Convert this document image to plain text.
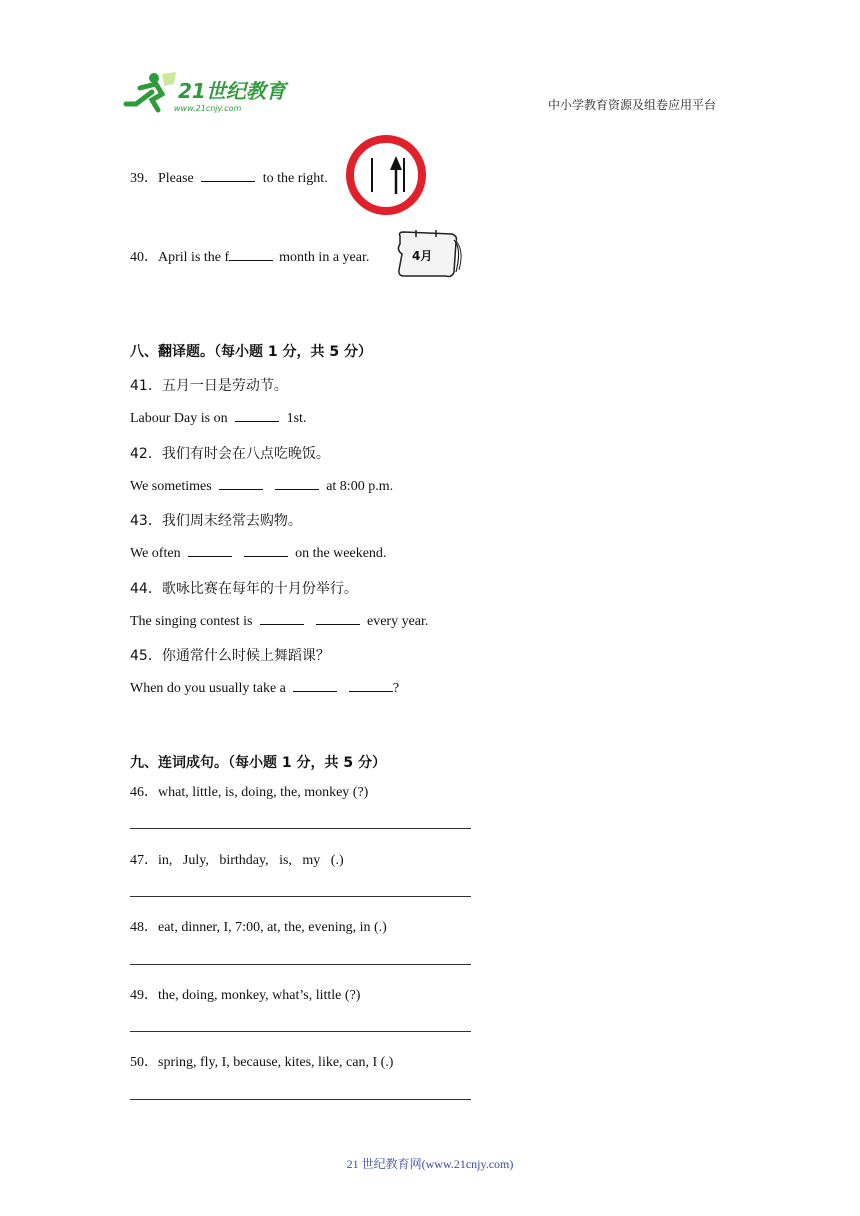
21世纪教育
www.21cnjy.com	中小学教育资源及组卷应用平台
39．Please	to the right.
40．April is the f	month in a year.	4月
八、翻译题。（每小题 1 分，共 5 分）
41．五月一日是劳动节。
Labour Day is on	1st.
42．我们有时会在八点吃晚饭。
We sometimes	at 8:00 p.m.
43．我们周末经常去购物。
We often	on the weekend.
44．歌咏比赛在每年的十月份举行。
The singing contest is	every year.
45．你通常什么时候上舞蹈课？
When do you usually take a	?
九、连词成句。（每小题 1 分，共 5 分）
46．what, little, is, doing, the, monkey (?)
47．in,   July,   birthday,   is,   my   (.)
48．eat, dinner, I, 7:00, at, the, evening, in (.)
49．the, doing, monkey, what’s, little (?)
50．spring, fly, I, because, kites, like, can, I (.)
21 世纪教育网(www.21cnjy.com)
